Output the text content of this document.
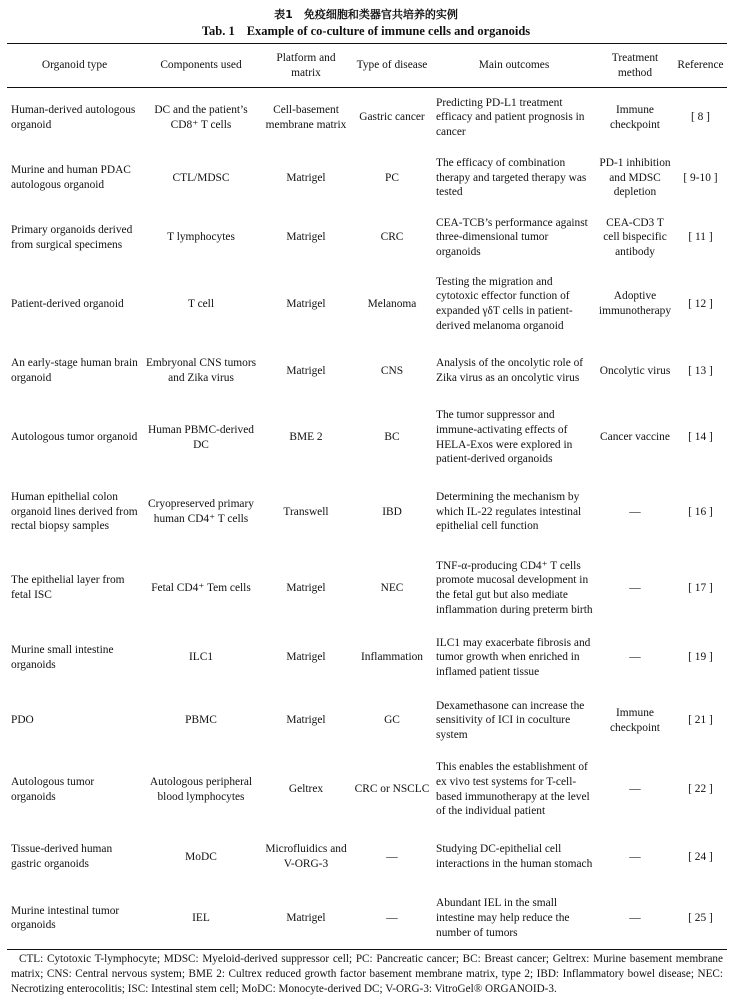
表1　免疫细胞和类器官共培养的实例
Tab. 1 Example of co-culture of immune cells and organoids
Organoid type	Components used	Platform and matrix	Type of disease	Main outcomes	Treatment method	Reference
Human-derived autologous organoid	DC and the patient’s CD8⁺ T cells	Cell-basement membrane matrix	Gastric cancer	Predicting PD-L1 treatment efficacy and patient prognosis in cancer	Immune checkpoint	[ 8 ]
Murine and human PDAC autologous organoid	CTL/MDSC	Matrigel	PC	The efficacy of combination therapy and targeted therapy was tested	PD-1 inhibition and MDSC depletion	[ 9-10 ]
Primary organoids derived from surgical specimens	T lymphocytes	Matrigel	CRC	CEA-TCB’s performance against three-dimensional tumor organoids	CEA-CD3 T cell bispecific antibody	[ 11 ]
Patient-derived organoid	T cell	Matrigel	Melanoma	Testing the migration and cytotoxic effector function of expanded γδT cells in patient-derived melanoma organoid	Adoptive immunotherapy	[ 12 ]
An early-stage human brain organoid	Embryonal CNS tumors and Zika virus	Matrigel	CNS	Analysis of the oncolytic role of Zika virus as an oncolytic virus	Oncolytic virus	[ 13 ]
Autologous tumor organoid	Human PBMC-derived DC	BME 2	BC	The tumor suppressor and immune-activating effects of HELA-Exos were explored in patient-derived organoids	Cancer vaccine	[ 14 ]
Human epithelial colon organoid lines derived from rectal biopsy samples	Cryopreserved primary human CD4⁺ T cells	Transwell	IBD	Determining the mechanism by which IL-22 regulates intestinal epithelial cell function	—	[ 16 ]
The epithelial layer from fetal ISC	Fetal CD4⁺ Tem cells	Matrigel	NEC	TNF-α-producing CD4⁺ T cells promote mucosal development in the fetal gut but also mediate inflammation during preterm birth	—	[ 17 ]
Murine small intestine organoids	ILC1	Matrigel	Inflammation	ILC1 may exacerbate fibrosis and tumor growth when enriched in inflamed patient tissue	—	[ 19 ]
PDO	PBMC	Matrigel	GC	Dexamethasone can increase the sensitivity of ICI in coculture system	Immune checkpoint	[ 21 ]
Autologous tumor organoids	Autologous peripheral blood lymphocytes	Geltrex	CRC or NSCLC	This enables the establishment of ex vivo test systems for T-cell-based immunotherapy at the level of the individual patient	—	[ 22 ]
Tissue-derived human gastric organoids	MoDC	Microfluidics and V-ORG-3	—	Studying DC-epithelial cell interactions in the human stomach	—	[ 24 ]
Murine intestinal tumor organoids	IEL	Matrigel	—	Abundant IEL in the small intestine may help reduce the number of tumors	—	[ 25 ]
CTL: Cytotoxic T-lymphocyte; MDSC: Myeloid-derived suppressor cell; PC: Pancreatic cancer; BC: Breast cancer; Geltrex: Murine basement membrane matrix; CNS: Central nervous system; BME 2: Cultrex reduced growth factor basement membrane matrix, type 2; IBD: Inflammatory bowel disease; NEC: Necrotizing enterocolitis; ISC: Intestinal stem cell; MoDC: Monocyte-derived DC; V-ORG-3: VitroGel® ORGANOID-3.
